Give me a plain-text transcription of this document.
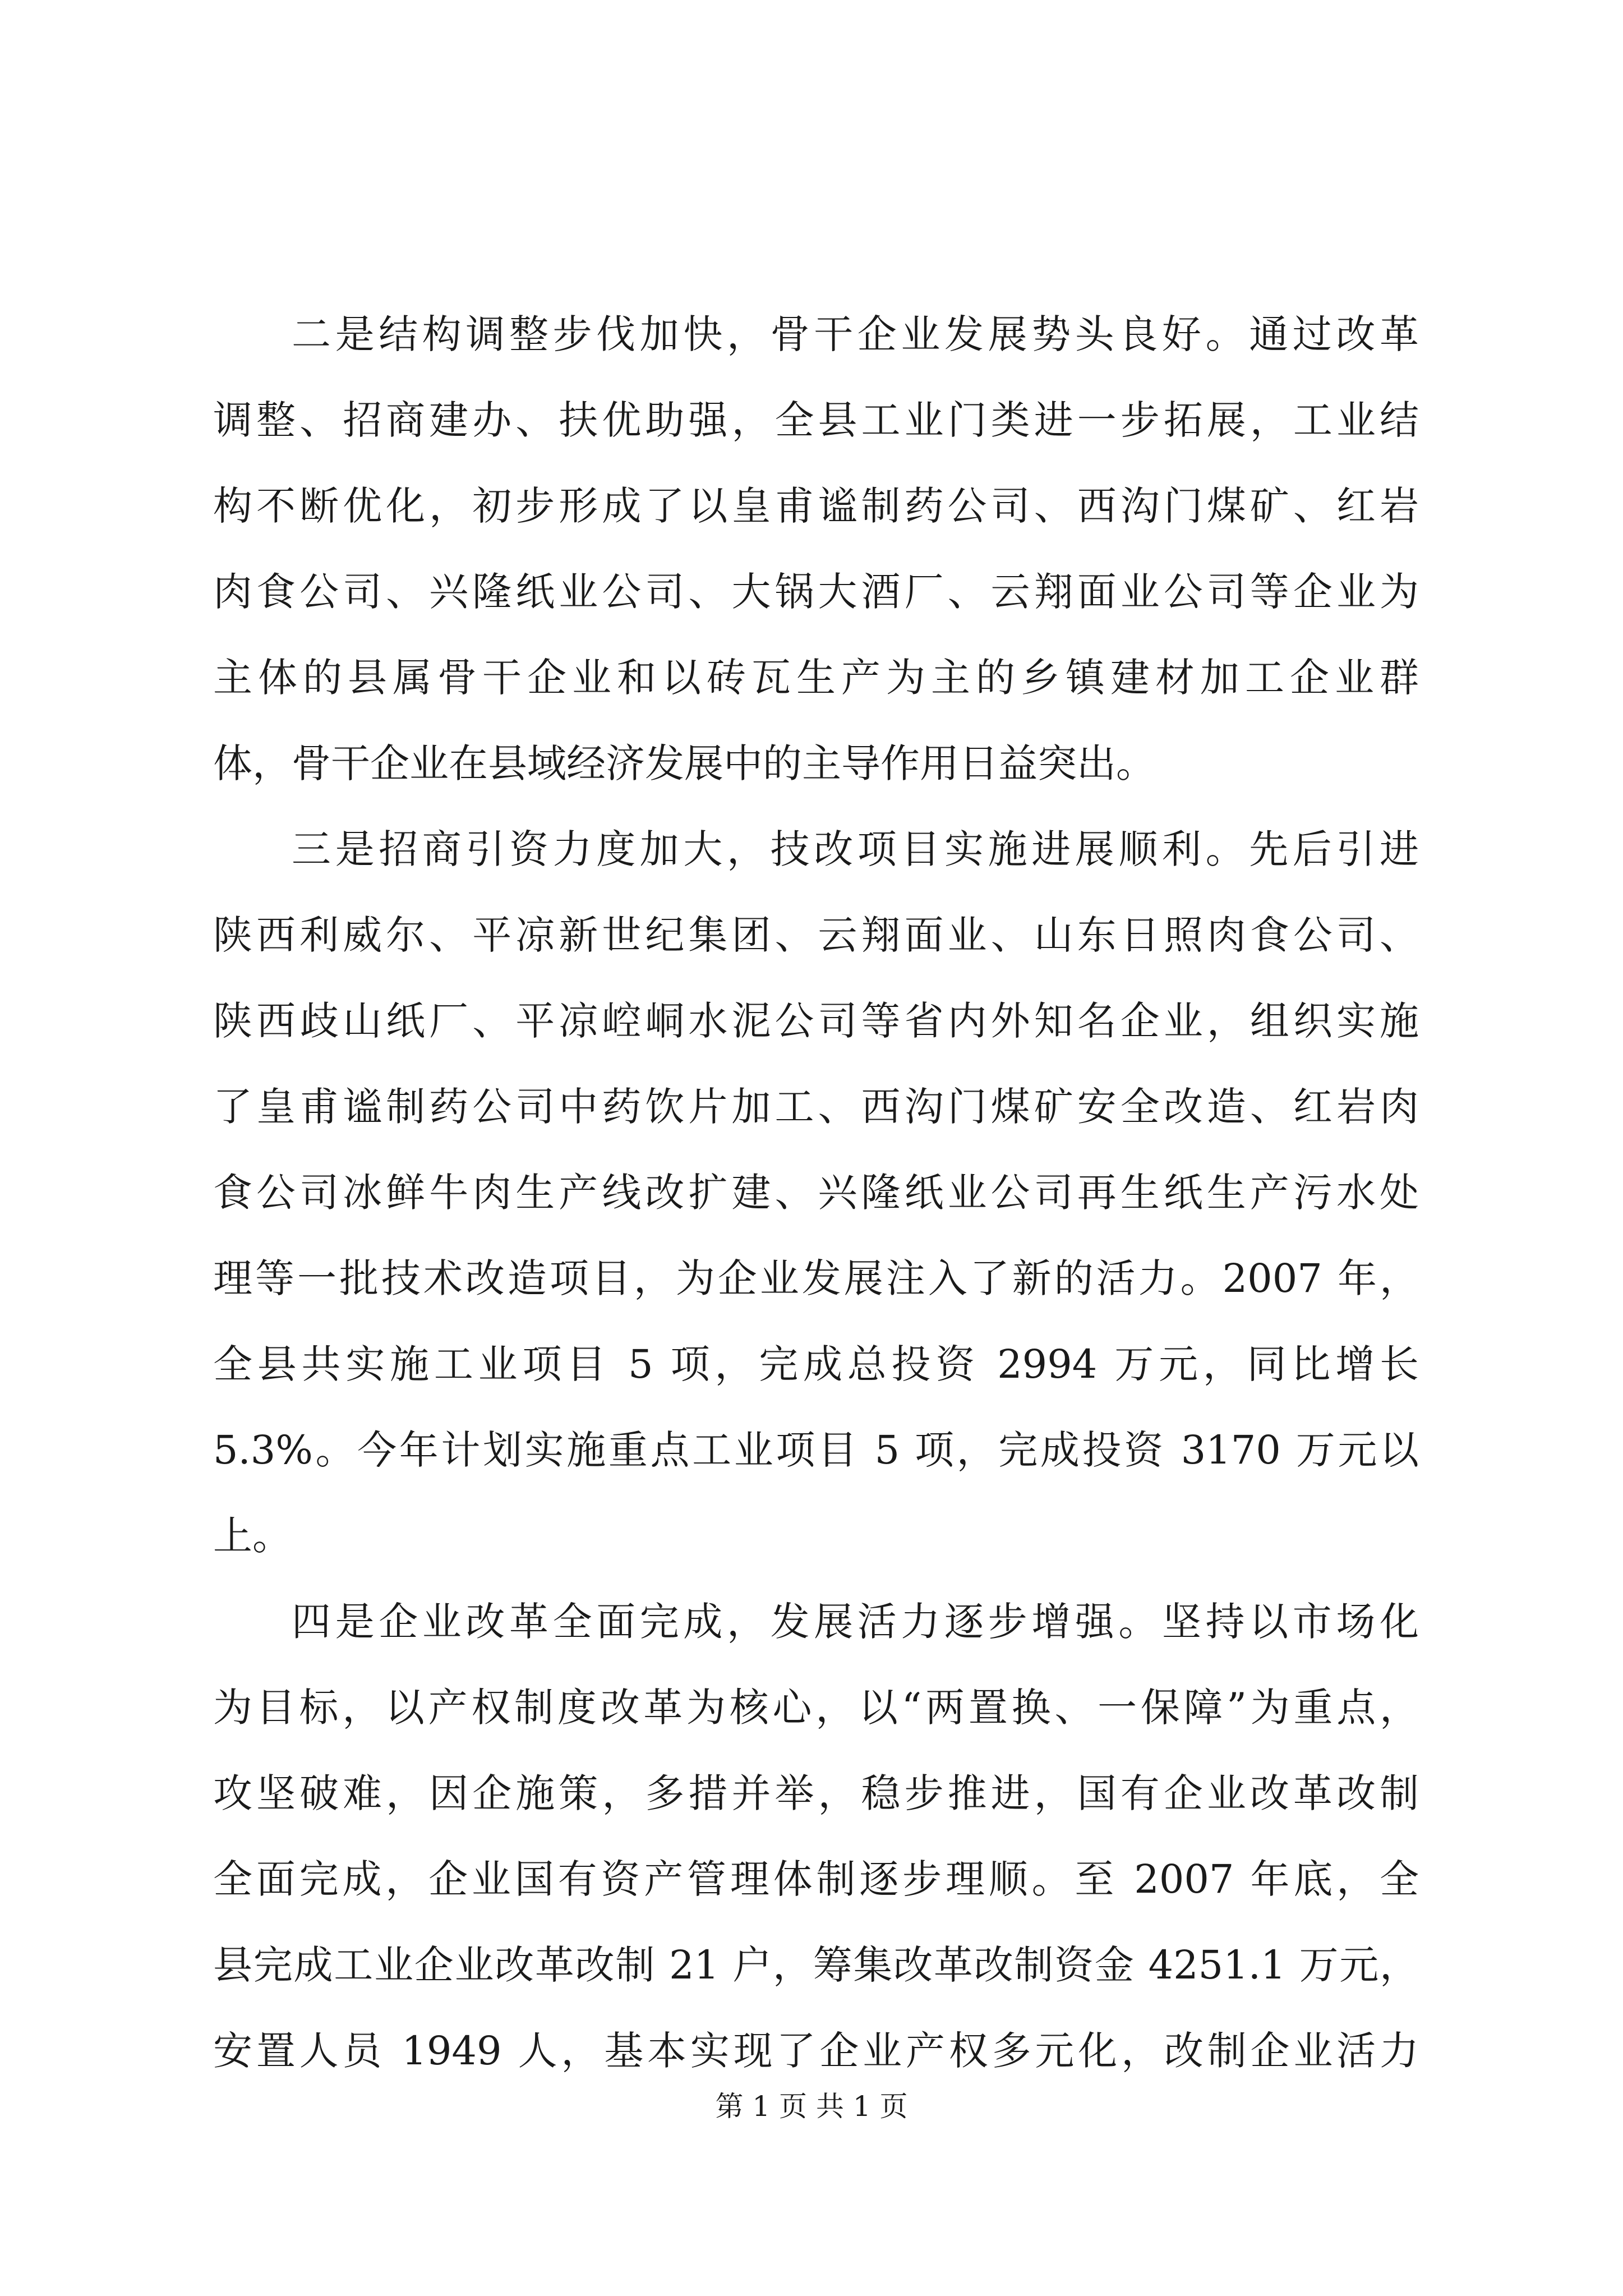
二是结构调整步伐加快，骨干企业发展势头良好。通过改革
调整、招商建办、扶优助强，全县工业门类进一步拓展，工业结
构不断优化，初步形成了以皇甫谧制药公司、西沟门煤矿、红岩
肉食公司、兴隆纸业公司、大锅大酒厂、云翔面业公司等企业为
主体的县属骨干企业和以砖瓦生产为主的乡镇建材加工企业群
体，骨干企业在县域经济发展中的主导作用日益突出。
三是招商引资力度加大，技改项目实施进展顺利。先后引进
陕西利威尔、平凉新世纪集团、云翔面业、山东日照肉食公司、
陕西歧山纸厂、平凉崆峒水泥公司等省内外知名企业，组织实施
了皇甫谧制药公司中药饮片加工、西沟门煤矿安全改造、红岩肉
食公司冰鲜牛肉生产线改扩建、兴隆纸业公司再生纸生产污水处
理等一批技术改造项目，为企业发展注入了新的活力。2007 年，
全县共实施工业项目 5 项，完成总投资 2994 万元，同比增长
5.3%。今年计划实施重点工业项目 5 项，完成投资 3170 万元以
上。
四是企业改革全面完成，发展活力逐步增强。坚持以市场化
为目标，以产权制度改革为核心，以“两置换、一保障”为重点，
攻坚破难，因企施策，多措并举，稳步推进，国有企业改革改制
全面完成，企业国有资产管理体制逐步理顺。至 2007 年底，全
县完成工业企业改革改制 21 户，筹集改革改制资金 4251.1 万元，
安置人员 1949 人，基本实现了企业产权多元化，改制企业活力
第 1 页 共 1 页
